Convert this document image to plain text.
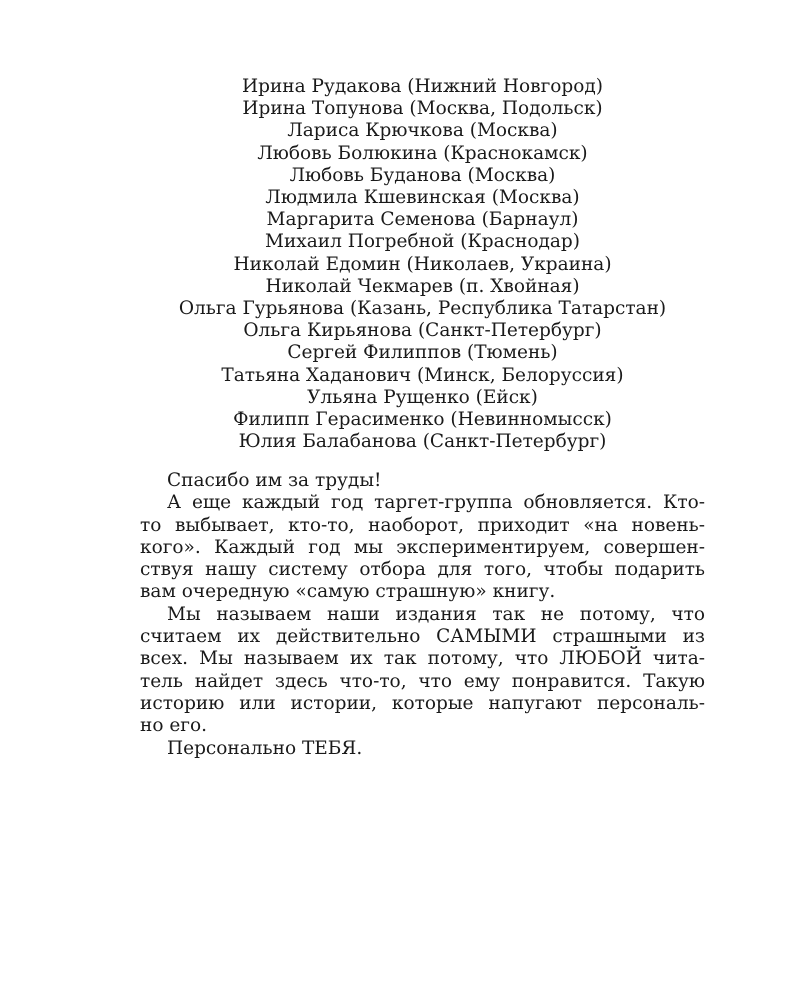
Ирина Рудакова (Нижний Новгород)
Ирина Топунова (Москва, Подольск)
Лариса Крючкова (Москва)
Любовь Болюкина (Краснокамск)
Любовь Буданова (Москва)
Людмила Кшевинская (Москва)
Маргарита Семенова (Барнаул)
Михаил Погребной (Краснодар)
Николай Едомин (Николаев, Украина)
Николай Чекмарев (п. Хвойная)
Ольга Гурьянова (Казань, Республика Татарстан)
Ольга Кирьянова (Санкт-Петербург)
Сергей Филиппов (Тюмень)
Татьяна Хаданович (Минск, Белоруссия)
Ульяна Рущенко (Ейск)
Филипп Герасименко (Невинномысск)
Юлия Балабанова (Санкт-Петербург)
Спасибо им за труды!
А еще каждый год таргет-группа обновляется. Кто-
то выбывает, кто-то, наоборот, приходит «на новень-
кого». Каждый год мы экспериментируем, совершен-
ствуя нашу систему отбора для того, чтобы подарить
вам очередную «самую страшную» книгу.
Мы называем наши издания так не потому, что
считаем их действительно САМЫМИ страшными из
всех. Мы называем их так потому, что ЛЮБОЙ чита-
тель найдет здесь что-то, что ему понравится. Такую
историю или истории, которые напугают персональ-
но его.
Персонально ТЕБЯ.
